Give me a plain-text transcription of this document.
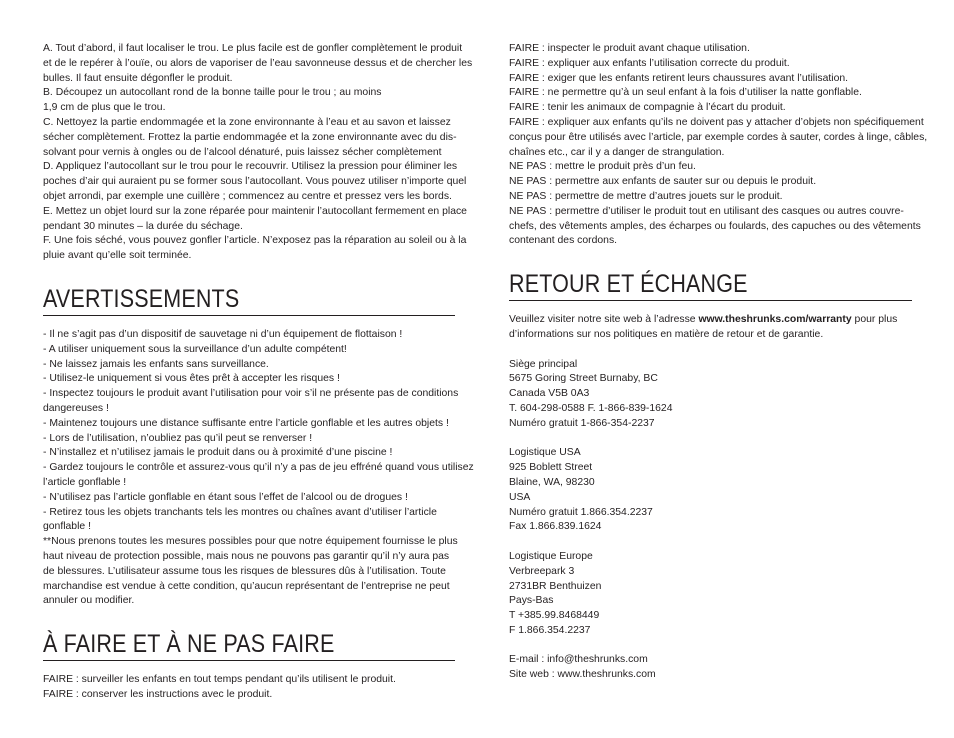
A. Tout d’abord, il faut localiser le trou. Le plus facile est de gonfler complètement le produit
et de le repérer à l’ouïe, ou alors de vaporiser de l’eau savonneuse dessus et de chercher les
bulles. Il faut ensuite dégonfler le produit.
B. Découpez un autocollant rond de la bonne taille pour le trou ; au moins
1,9 cm de plus que le trou.
C. Nettoyez la partie endommagée et la zone environnante à l’eau et au savon et laissez
sécher complètement. Frottez la partie endommagée et la zone environnante avec du dis-
solvant pour vernis à ongles ou de l’alcool dénaturé, puis laissez sécher complètement
D. Appliquez l’autocollant sur le trou pour le recouvrir. Utilisez la pression pour éliminer les
poches d’air qui auraient pu se former sous l’autocollant. Vous pouvez utiliser n’importe quel
objet arrondi, par exemple une cuillère ; commencez au centre et pressez vers les bords.
E. Mettez un objet lourd sur la zone réparée pour maintenir l’autocollant fermement en place
pendant 30 minutes – la durée du séchage.
F. Une fois séché, vous pouvez gonfler l’article. N’exposez pas la réparation au soleil ou à la
pluie avant qu’elle soit terminée.
AVERTISSEMENTS
- Il ne s’agit pas d’un dispositif de sauvetage ni d’un équipement de flottaison !
- A utiliser uniquement sous la surveillance d’un adulte compétent!
- Ne laissez jamais les enfants sans surveillance.
- Utilisez-le uniquement si vous êtes prêt à accepter les risques !
- Inspectez toujours le produit avant l’utilisation pour voir s’il ne présente pas de conditions
dangereuses !
- Maintenez toujours une distance suffisante entre l’article gonflable et les autres objets !
- Lors de l’utilisation, n’oubliez pas qu’il peut se renverser !
- N’installez et n’utilisez jamais le produit dans ou à proximité d’une piscine !
- Gardez toujours le contrôle et assurez-vous qu’il n’y a pas de jeu effréné quand vous utilisez
l’article gonflable !
- N’utilisez pas l’article gonflable en étant sous l’effet de l’alcool ou de drogues !
- Retirez tous les objets tranchants tels les montres ou chaînes avant d’utiliser l’article
gonflable !
**Nous prenons toutes les mesures possibles pour que notre équipement fournisse le plus
haut niveau de protection possible, mais nous ne pouvons pas garantir qu’il n’y aura pas
de blessures. L’utilisateur assume tous les risques de blessures dûs à l’utilisation. Toute
marchandise est vendue à cette condition, qu’aucun représentant de l’entreprise ne peut
annuler ou modifier.
À FAIRE ET À NE PAS FAIRE
FAIRE : surveiller les enfants en tout temps pendant qu’ils utilisent le produit.
FAIRE : conserver les instructions avec le produit.
FAIRE : inspecter le produit avant chaque utilisation.
FAIRE : expliquer aux enfants l’utilisation correcte du produit.
FAIRE : exiger que les enfants retirent leurs chaussures avant l’utilisation.
FAIRE : ne permettre qu’à un seul enfant à la fois d’utiliser la natte gonflable.
FAIRE : tenir les animaux de compagnie à l’écart du produit.
FAIRE : expliquer aux enfants qu’ils ne doivent pas y attacher d’objets non spécifiquement
conçus pour être utilisés avec l’article, par exemple cordes à sauter, cordes à linge, câbles,
chaînes etc., car il y a danger de strangulation.
NE PAS : mettre le produit près d’un feu.
NE PAS : permettre aux enfants de sauter sur ou depuis le produit.
NE PAS : permettre de mettre d’autres jouets sur le produit.
NE PAS : permettre d’utiliser le produit tout en utilisant des casques ou autres couvre-
chefs, des vêtements amples, des écharpes ou foulards, des capuches ou des vêtements
contenant des cordons.
RETOUR ET ÉCHANGE
Veuillez visiter notre site web à l’adresse www.theshrunks.com/warranty pour plus
d’informations sur nos politiques en matière de retour et de garantie.
Siège principal
5675 Goring Street Burnaby, BC
Canada V5B 0A3
T. 604-298-0588 F. 1-866-839-1624
Numéro gratuit 1-866-354-2237
Logistique USA
925 Boblett Street
Blaine, WA, 98230
USA
Numéro gratuit 1.866.354.2237
Fax 1.866.839.1624
Logistique Europe
Verbreepark 3
2731BR Benthuizen
Pays-Bas
T +385.99.8468449
F 1.866.354.2237
E-mail : info@theshrunks.com
Site web : www.theshrunks.com
